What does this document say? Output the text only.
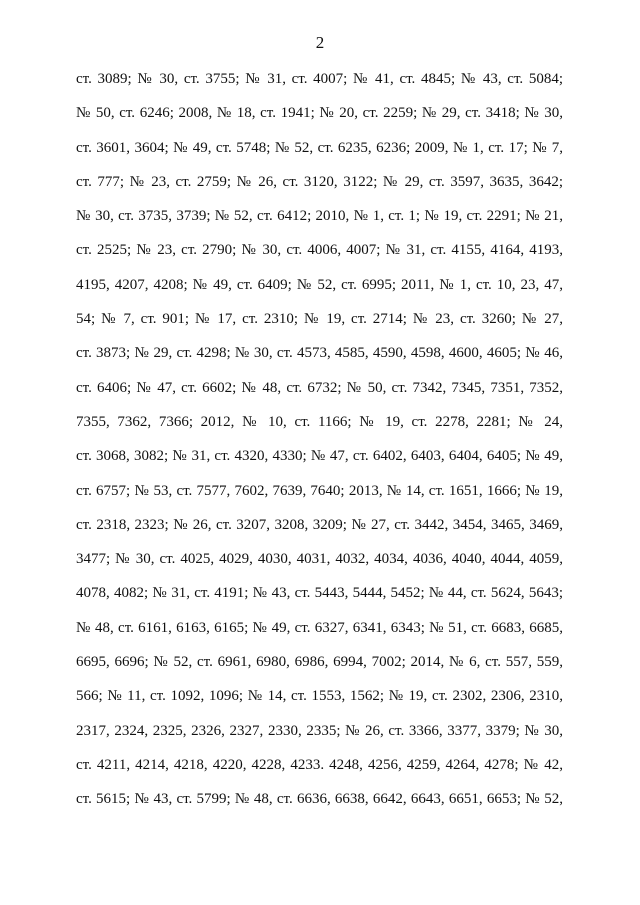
2
ст. 3089; № 30, ст. 3755; № 31, ст. 4007; № 41, ст. 4845; № 43, ст. 5084;
№ 50, ст. 6246; 2008, № 18, ст. 1941; № 20, ст. 2259; № 29, ст. 3418; № 30,
ст. 3601, 3604; № 49, ст. 5748; № 52, ст. 6235, 6236; 2009, № 1, ст. 17; № 7,
ст. 777; № 23, ст. 2759; № 26, ст. 3120, 3122; № 29, ст. 3597, 3635, 3642;
№ 30, ст. 3735, 3739; № 52, ст. 6412; 2010, № 1, ст. 1; № 19, ст. 2291; № 21,
ст. 2525; № 23, ст. 2790; № 30, ст. 4006, 4007; № 31, ст. 4155, 4164, 4193,
4195, 4207, 4208; № 49, ст. 6409; № 52, ст. 6995; 2011, № 1, ст. 10, 23, 47,
54; № 7, ст. 901; № 17, ст. 2310; № 19, ст. 2714; № 23, ст. 3260; № 27,
ст. 3873; № 29, ст. 4298; № 30, ст. 4573, 4585, 4590, 4598, 4600, 4605; № 46,
ст. 6406; № 47, ст. 6602; № 48, ст. 6732; № 50, ст. 7342, 7345, 7351, 7352,
7355, 7362, 7366; 2012, № 10, ст. 1166; № 19, ст. 2278, 2281; № 24,
ст. 3068, 3082; № 31, ст. 4320, 4330; № 47, ст. 6402, 6403, 6404, 6405; № 49,
ст. 6757; № 53, ст. 7577, 7602, 7639, 7640; 2013, № 14, ст. 1651, 1666; № 19,
ст. 2318, 2323; № 26, ст. 3207, 3208, 3209; № 27, ст. 3442, 3454, 3465, 3469,
3477; № 30, ст. 4025, 4029, 4030, 4031, 4032, 4034, 4036, 4040, 4044, 4059,
4078, 4082; № 31, ст. 4191; № 43, ст. 5443, 5444, 5452; № 44, ст. 5624, 5643;
№ 48, ст. 6161, 6163, 6165; № 49, ст. 6327, 6341, 6343; № 51, ст. 6683, 6685,
6695, 6696; № 52, ст. 6961, 6980, 6986, 6994, 7002; 2014, № 6, ст. 557, 559,
566; № 11, ст. 1092, 1096; № 14, ст. 1553, 1562; № 19, ст. 2302, 2306, 2310,
2317, 2324, 2325, 2326, 2327, 2330, 2335; № 26, ст. 3366, 3377, 3379; № 30,
ст. 4211, 4214, 4218, 4220, 4228, 4233. 4248, 4256, 4259, 4264, 4278; № 42,
ст. 5615; № 43, ст. 5799; № 48, ст. 6636, 6638, 6642, 6643, 6651, 6653; № 52,
